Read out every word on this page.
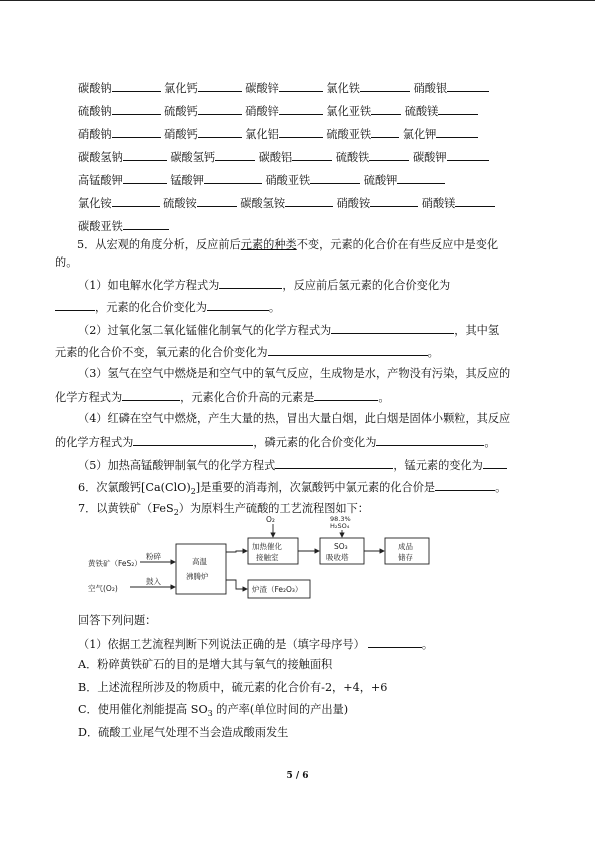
碳酸钠	氯化钙	碳酸锌	氯化铁	硝酸银
硫酸钠	硫酸钙	硝酸锌	氯化亚铁	硫酸镁
硝酸钠	硝酸钙	氯化铝	硫酸亚铁	氯化钾
碳酸氢钠	碳酸氢钙	碳酸铝	硫酸铁	碳酸钾
高锰酸钾	锰酸钾	硝酸亚铁	硫酸钾
氯化铵	硫酸铵	碳酸氢铵	硝酸铵	硝酸镁
碳酸亚铁
5．从宏观的角度分析，反应前后元素的种类不变，元素的化合价在有些反应中是变化
的。
（1）如电解水化学方程式为	，反应前后氢元素的化合价变化为
，元素的化合价变化为	。
（2）过氧化氢二氧化锰催化制氧气的化学方程式为	，其中氢
元素的化合价不变，氧元素的化合价变化为	。
（3）氢气在空气中燃烧是和空气中的氧气反应，生成物是水，产物没有污染，其反应的
化学方程式为	，元素化合价升高的元素是	。
（4）红磷在空气中燃烧，产生大量的热，冒出大量白烟，此白烟是固体小颗粒，其反应
的化学方程式为	，磷元素的化合价变化为	。
（5）加热高锰酸钾制氧气的化学方程式	，锰元素的变化为
6．次氯酸钙$[Ca(ClO)_2]$是重要的消毒剂，次氯酸钙中氯元素的化合价是	。
7．以黄铁矿（FeS$_2$）为原料生产硫酸的工艺流程图如下：
黄铁矿（FeS₂）
粉碎
空气(O₂)
鼓入
高温
沸腾炉
O₂
加热催化
接触室
98.3%
H₂SO₄
SO₃
吸收塔
成品
储存
炉渣（Fe₂O₃）
回答下列问题：
（1）依据工艺流程判断下列说法正确的是（填字母序号）	。
A．粉碎黄铁矿石的目的是增大其与氧气的接触面积
B．上述流程所涉及的物质中，硫元素的化合价有-2，+4，+6
C．使用催化剂能提高 $SO_3$ 的产率(单位时间的产出量)
D．硫酸工业尾气处理不当会造成酸雨发生
5 / 6
